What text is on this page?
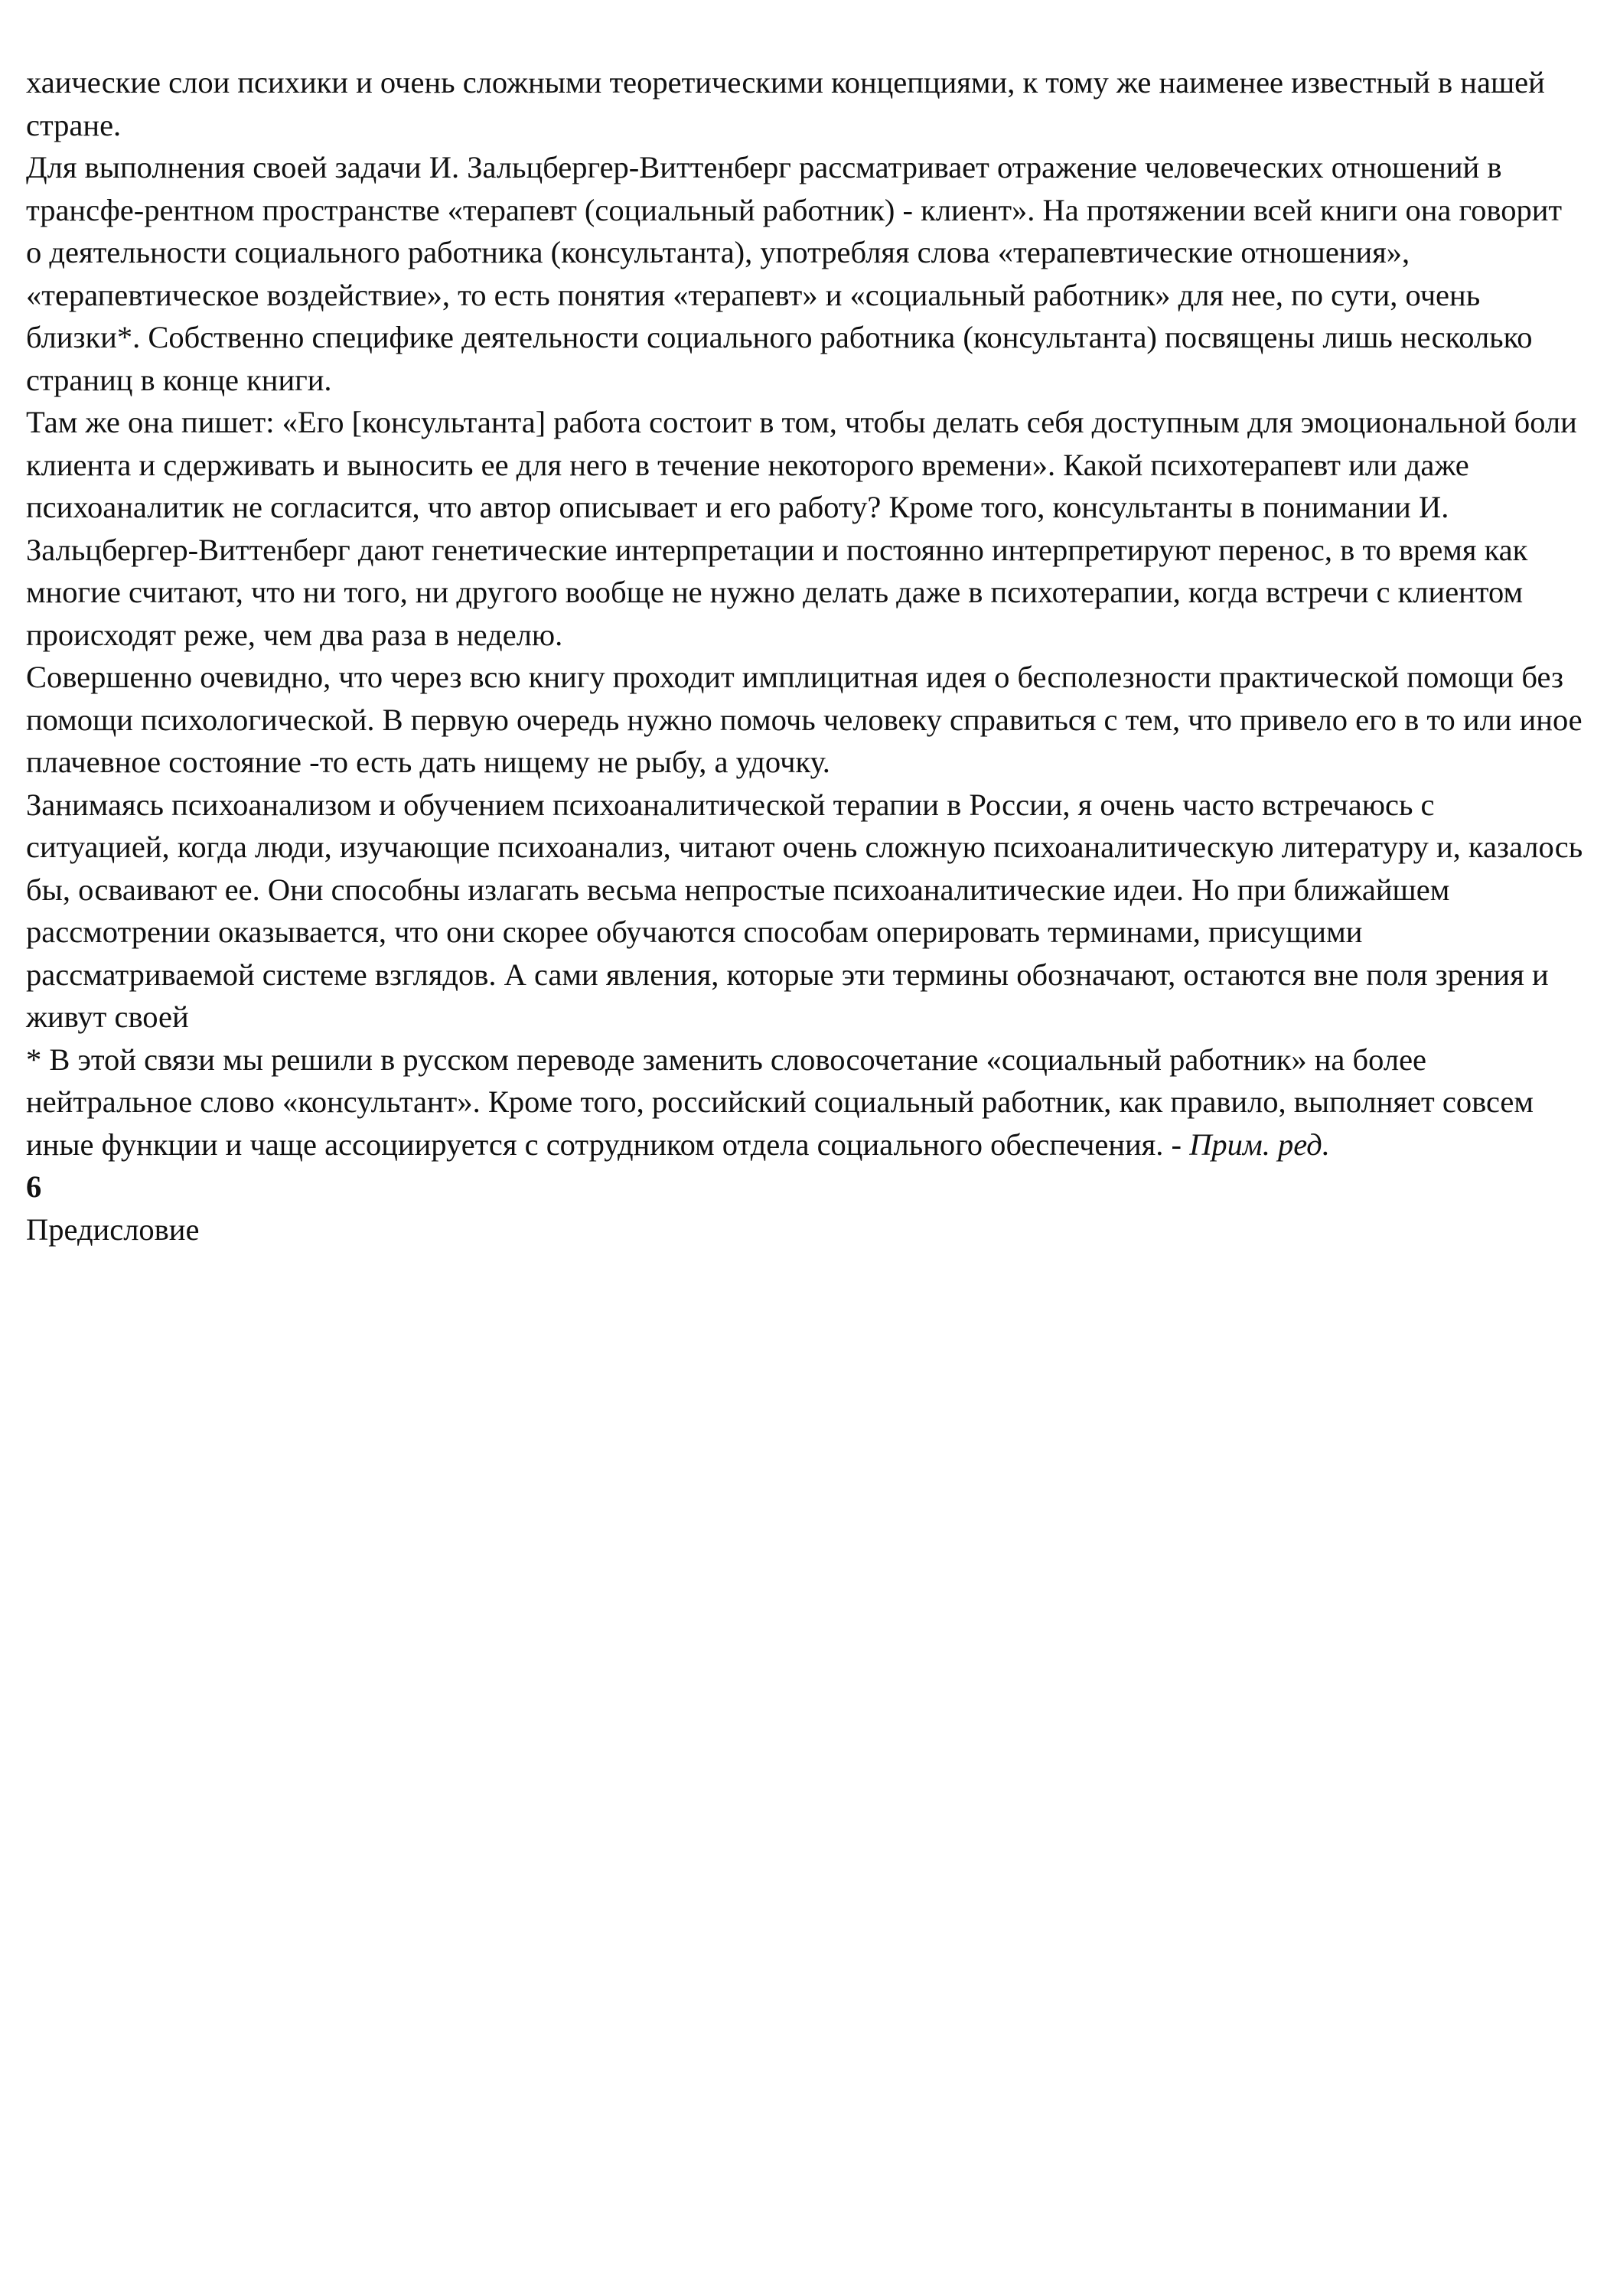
хаические слои психики и очень сложными теоретическими концепциями, к тому же наименее известный в нашей стране.

Для выполнения своей задачи И. Зальцбергер-Виттенберг рассматривает отражение человеческих отношений в трансфе-рентном пространстве «терапевт (социальный работник) - клиент». На протяжении всей книги она говорит о деятельности социального работника (консультанта), употребляя слова «терапевтические отношения», «терапевтическое воздействие», то есть понятия «терапевт» и «социальный работник» для нее, по сути, очень близки*. Собственно специфике деятельности социального работника (консультанта) посвящены лишь несколько страниц в конце книги.

Там же она пишет: «Его [консультанта] работа состоит в том, чтобы делать себя доступным для эмоциональной боли клиента и сдерживать и выносить ее для него в течение некоторого времени». Какой психотерапевт или даже психоаналитик не согласится, что автор описывает и его работу? Кроме того, консультанты в понимании И. Зальцбергер-Виттенберг дают генетические интерпретации и постоянно интерпретируют перенос, в то время как многие считают, что ни того, ни другого вообще не нужно делать даже в психотерапии, когда встречи с клиентом происходят реже, чем два раза в неделю.

Совершенно очевидно, что через всю книгу проходит имплицитная идея о бесполезности практической помощи без помощи психологической. В первую очередь нужно помочь человеку справиться с тем, что привело его в то или иное плачевное состояние -то есть дать нищему не рыбу, а удочку.

Занимаясь психоанализом и обучением психоаналитической терапии в России, я очень часто встречаюсь с ситуацией, когда люди, изучающие психоанализ, читают очень сложную психоаналитическую литературу и, казалось бы, осваивают ее. Они способны излагать весьма непростые психоаналитические идеи. Но при ближайшем рассмотрении оказывается, что они скорее обучаются способам оперировать терминами, присущими рассматриваемой системе взглядов. А сами явления, которые эти термины обозначают, остаются вне поля зрения и живут своей

* В этой связи мы решили в русском переводе заменить словосочетание «социальный работник» на более нейтральное слово «консультант». Кроме того, российский социальный работник, как правило, выполняет совсем иные функции и чаще ассоциируется с сотрудником отдела социального обеспечения. - Прим. ред.

6

Предисловие
